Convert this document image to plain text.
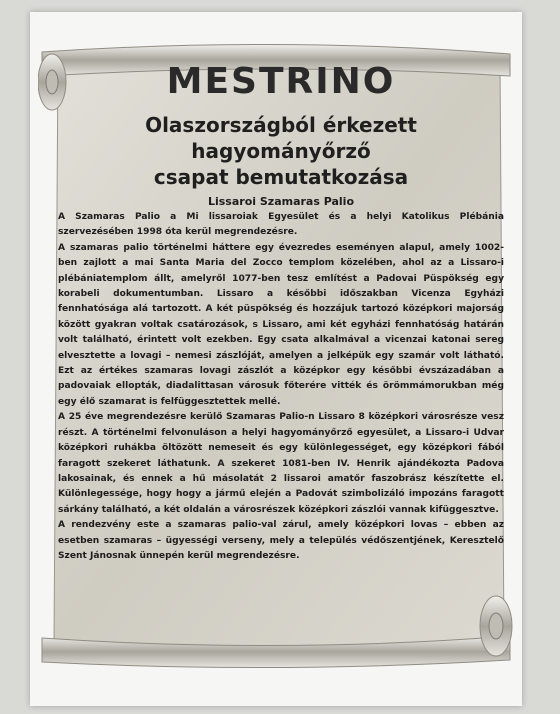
MESTRINO
Olaszországból érkezett hagyományőrző
csapat bemutatkozása
Lissaroi Szamaras Palio

A Szamaras Palio a Mi lissaroiak Egyesület és a helyi Katolikus Plébánia szervezésében 1998 óta kerül megrendezésre.

A szamaras palio történelmi háttere egy évezredes eseményen alapul, amely 1002-ben zajlott a mai Santa Maria del Zocco templom közelében, ahol az a Lissaro-i plébániatemplom állt, amelyről 1077-ben tesz említést a Padovai Püspökség egy korabeli dokumentumban. Lissaro a későbbi időszakban Vicenza Egyházi fennhatósága alá tartozott. A két püspökség és hozzájuk tartozó középkori majorság között gyakran voltak csatározások, s Lissaro, ami két egyházi fennhatóság határán volt található, érintett volt ezekben. Egy csata alkalmával a vicenzai katonai sereg elvesztette a lovagi – nemesi zászlóját, amelyen a jelképük egy szamár volt látható. Ezt az értékes szamaras lovagi zászlót a középkor egy későbbi évszázadában a padovaiak ellopták, diadalittasan városuk főterére vitték és örömmámorukban még egy élő szamarat is felfüggesztettek mellé.

A 25 éve megrendezésre kerülő Szamaras Palio-n Lissaro 8 középkori városrésze vesz részt. A történelmi felvonuláson a helyi hagyományőrző egyesület, a Lissaro-i Udvar középkori ruhákba öltözött nemeseit és egy különlegességet, egy középkori fából faragott szekeret láthatunk. A szekeret 1081-ben IV. Henrik ajándékozta Padova lakosainak, és ennek a hű másolatát 2 lissaroi amatőr faszobrász készítette el. Különlegessége, hogy hogy a jármű elején a Padovát szimbolizáló impozáns faragott sárkány található, a két oldalán a városrészek középkori zászlói vannak kifüggesztve.

A rendezvény este a szamaras palio-val zárul, amely középkori lovas – ebben az esetben szamaras – ügyességi verseny, mely a település védőszentjének, Keresztelő Szent Jánosnak ünnepén kerül megrendezésre.
